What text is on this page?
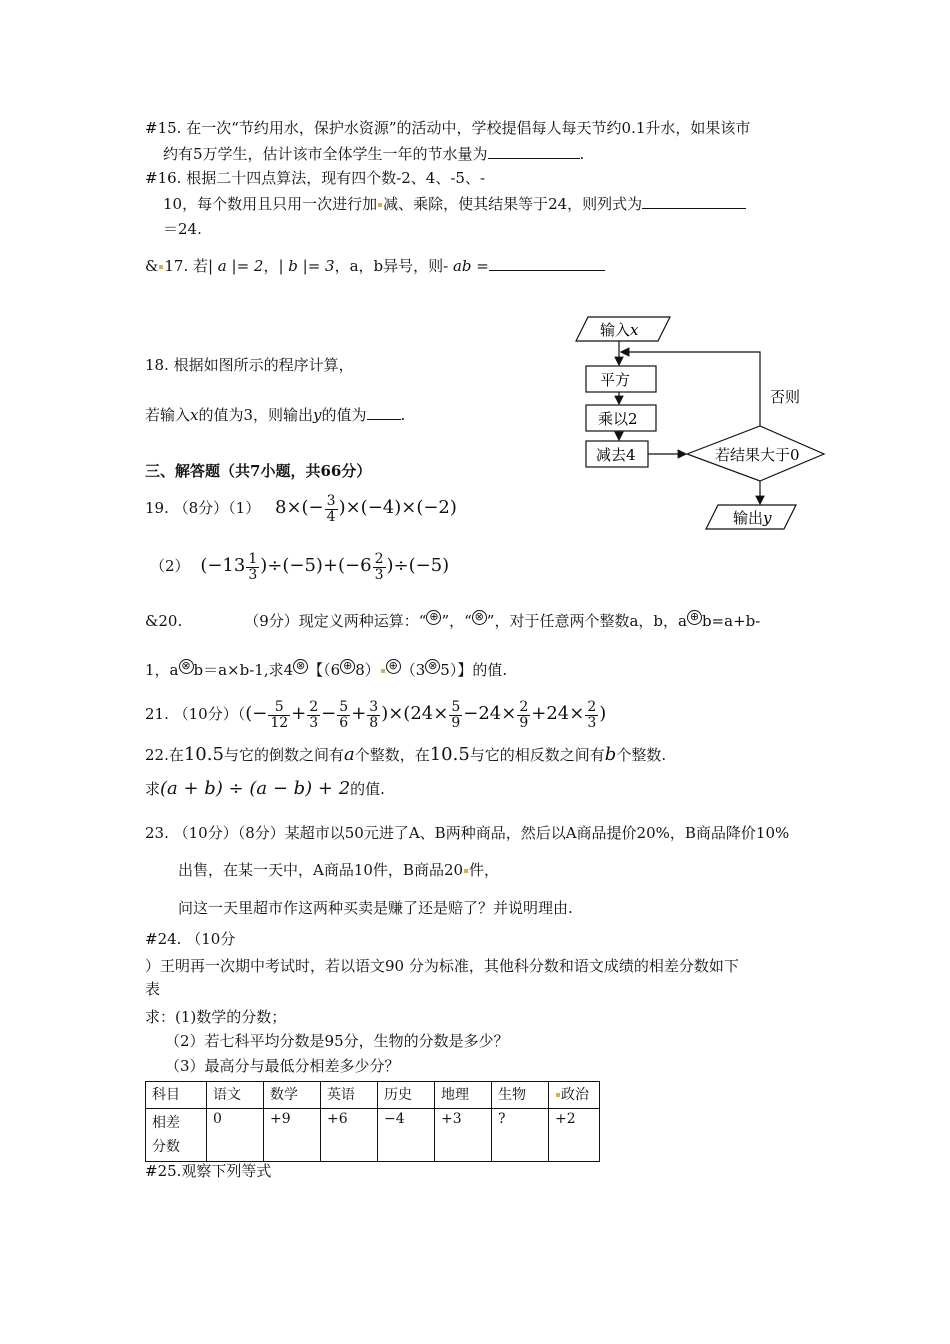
#15. 在一次“节约用水，保护水资源”的活动中，学校提倡每人每天节约0.1升水，如果该市
约有5万学生，估计该市全体学生一年的节水量为	.
#16. 根据二十四点算法，现有四个数-2、4、-5、-
10，每个数用且只用一次进行加 减、乘除，使其结果等于24，则列式为
＝24.
& 17. 若| a |= 2，| b |= 3，a，b异号，则- ab =
输入x
平方
乘以2
减去4	若结果大于0
否则
输出y
18. 根据如图所示的程序计算，
若输入x的值为3，则输出y的值为 .
三、解答题（共7小题，共66分）
19. （8分）（1） $8\times(- \frac{3}{4} )\times(-4)\times(-2)$
（2） $(-13 \frac{1}{3} )\div(-5)+(-6 \frac{2}{3} )\div(-5)$
&20.	（9分）现定义两种运算：“ ⊕ ”，“ ⊗ ”，对于任意两个整数a，b，a ⊕ b=a+b-
1，a ⊗ b＝a×b-1,求4 ⊗ 【（6 ⊕ 8） ⊕ （3 ⊗ 5）】的值.
21. （10分）（(− $\frac{5}{12} + \frac{2}{3} - \frac{5}{6} + \frac{3}{8} )\times(24\times \frac{5}{9} -24\times \frac{2}{9} +24\times \frac{2}{3}$ )
22.在10.5与它的倒数之间有a个整数，在10.5与它的相反数之间有b个整数.
求(a + b) ÷ (a − b) + 2的值.
23. （10分）（8分）某超市以50元进了A、B两种商品，然后以A商品提价20%，B商品降价10%
出售，在某一天中，A商品10件，B商品20 件，
问这一天里超市作这两种买卖是赚了还是赔了？并说明理由.
#24. （10分
）王明再一次期中考试时，若以语文90 分为标准，其他科分数和语文成绩的相差分数如下
表
求：(1)数学的分数；
（2）若七科平均分数是95分，生物的分数是多少？
（3）最高分与最低分相差多少分？
科目	语文	数学	英语	历史	地理	生物	政治
相差
分数	0	+9	+6	−4	+3	?	+2
#25.观察下列等式
